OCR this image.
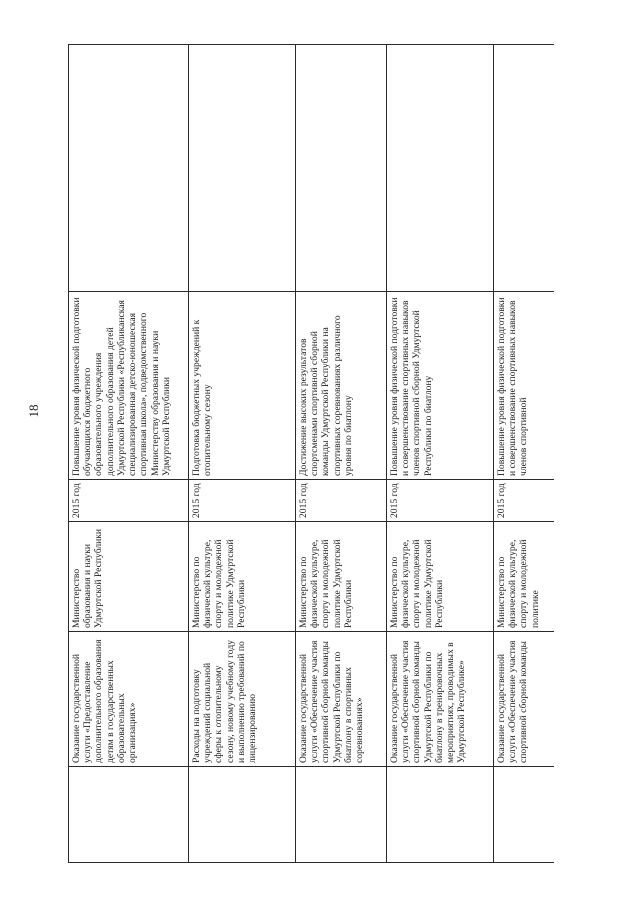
18
	Оказание государственной услуги «Предоставление дополнительного образования детям в государственных образовательных организациях»	Министерство образования и науки Удмуртской Республики	2015 год	Повышение уровня физической подготовки обучающихся бюджетного образовательного учреждения дополнительного образования детей Удмуртской Республики «Республиканская специализированная детско-юношеская спортивная школа», подведомственного Министерству образования и науки Удмуртской Республики	

	Расходы на подготовку учреждений социальной сферы к отопительному сезону, новому учебному году и выполнению требований по лицензированию	Министерство по физической культуре, спорту и молодежной политике Удмуртской Республики	2015 год	Подготовка бюджетных учреждений к отопительному сезону	

	Оказание государственной услуги «Обеспечение участия спортивной сборной команды Удмуртской Республики по биатлону в спортивных соревнованиях»	Министерство по физической культуре, спорту и молодежной политике Удмуртской Республики	2015 год	Достижение высоких результатов спортсменами спортивной сборной команды Удмуртской Республики на спортивных соревнованиях различного уровня по биатлону	

	Оказание государственной услуги «Обеспечение участия спортивной сборной команды Удмуртской Республики по биатлону в тренировочных мероприятиях, проводимых в Удмуртской Республике»	Министерство по физической культуре, спорту и молодежной политике Удмуртской Республики	2015 год	Повышение уровня физической подготовки и совершенствование спортивных навыков членов спортивной сборной Удмуртской Республики по биатлону	

	Оказание государственной услуги «Обеспечение участия спортивной сборной команды	Министерство по физической культуре, спорту и молодежной политике	2015 год	Повышение уровня физической подготовки и совершенствование спортивных навыков членов спортивной	
